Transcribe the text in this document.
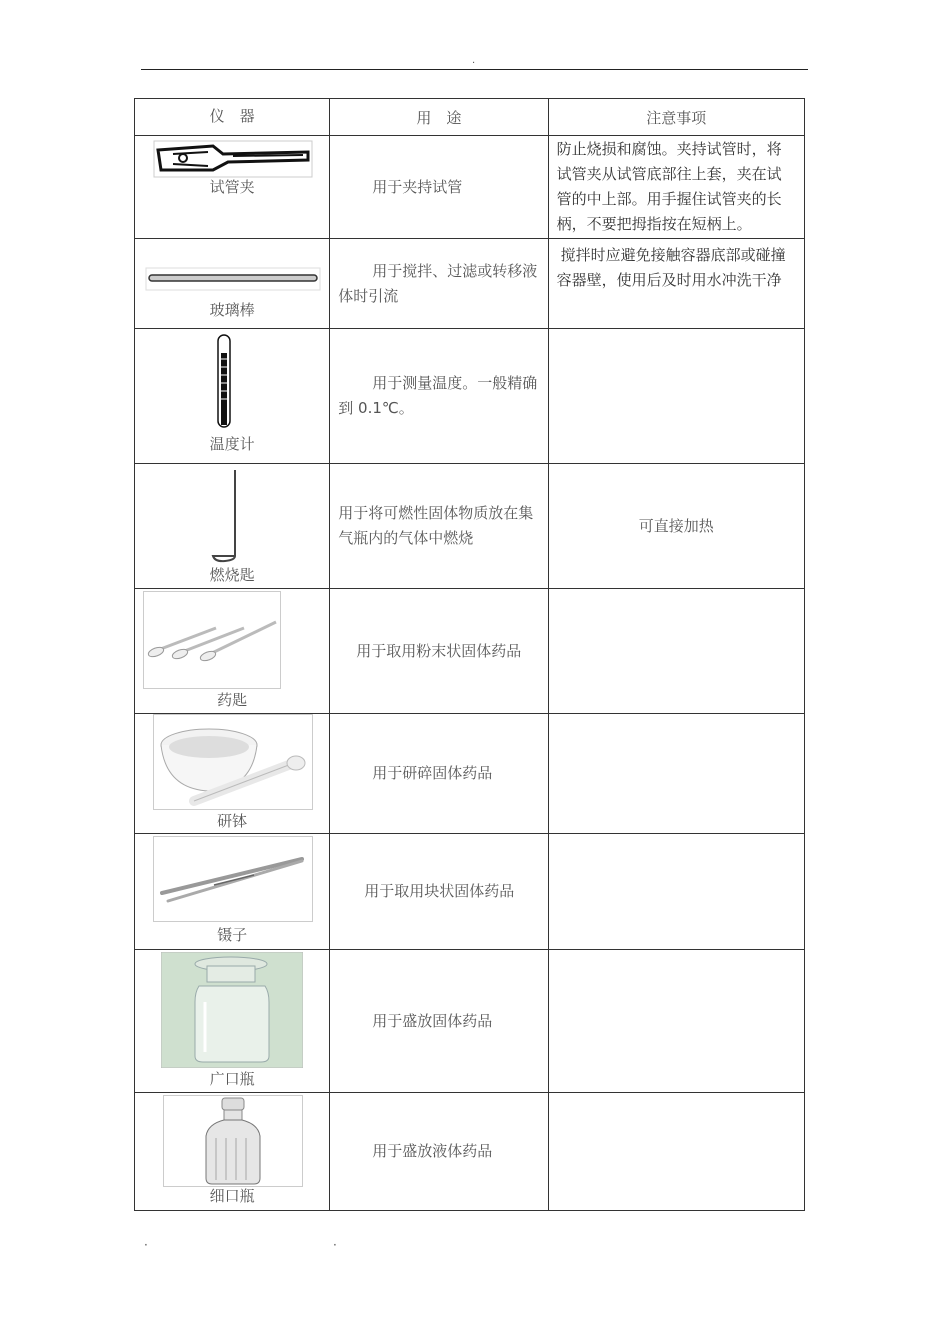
·
仪　器	用　途	注意事项

试管夹	用于夹持试管	防止烧损和腐蚀。夹持试管时，将试管夹从试管底部往上套，夹在试管的中上部。用手握住试管夹的长柄，不要把拇指按在短柄上。

玻璃棒	用于搅拌、过滤或转移液体时引流	搅拌时应避免接触容器底部或碰撞容器壁，使用后及时用水冲洗干净

温度计	用于测量温度。一般精确到 0.1℃。	

燃烧匙	用于将可燃性固体物质放在集气瓶内的气体中燃烧	可直接加热

药匙	用于取用粉末状固体药品	

研钵	用于研碎固体药品	

镊子	用于取用块状固体药品	

广口瓶	用于盛放固体药品	

细口瓶	用于盛放液体药品	

·	·
